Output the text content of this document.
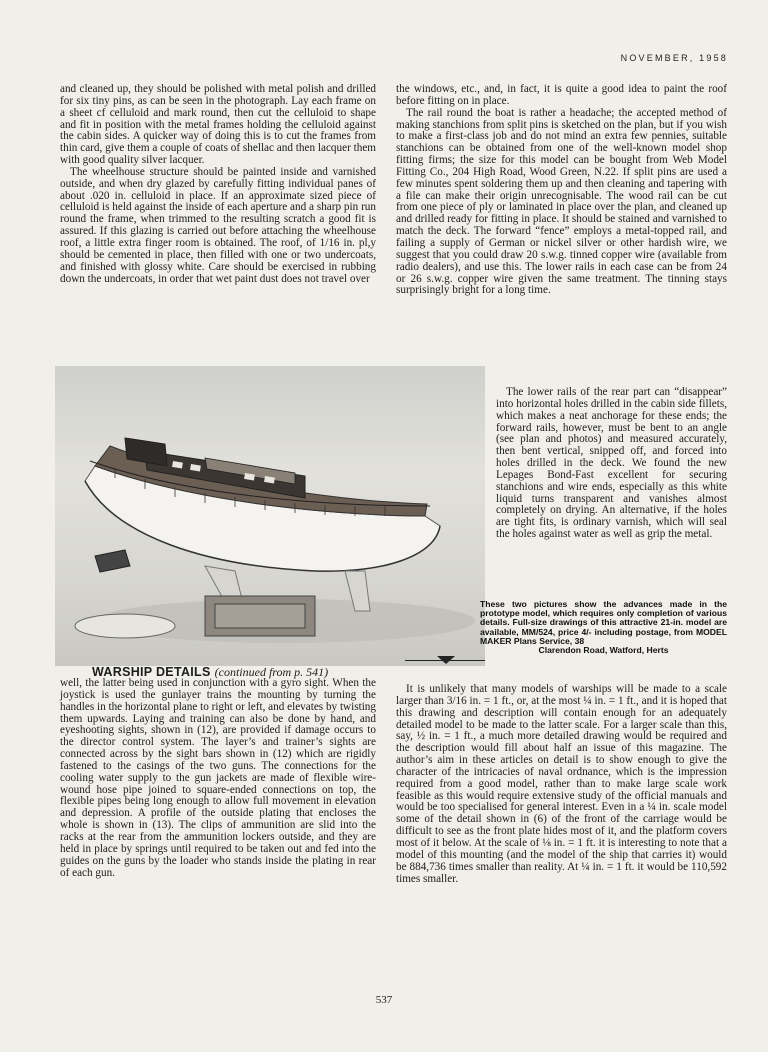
NOVEMBER, 1958

and cleaned up, they should be polished with metal polish and drilled for six tiny pins, as can be seen in the photograph. Lay each frame on a sheet cf celluloid and mark round, then cut the celluloid to shape and fit in position with the metal frames holding the celluloid against the cabin sides. A quicker way of doing this is to cut the frames from thin card, give them a couple of coats of shellac and then lacquer them with good quality silver lacquer.

The wheelhouse structure should be painted inside and varnished outside, and when dry glazed by carefully fitting individual panes of about .020 in. celluloid in place. If an approximate sized piece of celluloid is held against the inside of each aperture and a sharp pin run round the frame, when trimmed to the resulting scratch a good fit is assured. If this glazing is carried out before attaching the wheelhouse roof, a little extra finger room is obtained. The roof, of 1/16 in. pl,y should be cemented in place, then filled with one or two undercoats, and finished with glossy white. Care should be exercised in rubbing down the undercoats, in order that wet paint dust does not travel over

the windows, etc., and, in fact, it is quite a good idea to paint the roof before fitting on in place.

The rail round the boat is rather a headache; the accepted method of making stanchions from split pins is sketched on the plan, but if you wish to make a first-class job and do not mind an extra few pennies, suitable stanchions can be obtained from one of the well-known model shop fitting firms; the size for this model can be bought from Web Model Fitting Co., 204 High Road, Wood Green, N.22. If split pins are used a few minutes spent soldering them up and then cleaning and tapering with a file can make their origin unrecognisable. The wood rail can be cut from one piece of ply or laminated in place over the plan, and cleaned up and drilled ready for fitting in place. It should be stained and varnished to match the deck. The forward “fence” employs a metal-topped rail, and failing a supply of German or nickel silver or other hardish wire, we suggest that you could draw 20 s.w.g. tinned copper wire (available from radio dealers), and use this. The lower rails in each case can be from 24 or 26 s.w.g. copper wire given the same treatment. The tinning stays surprisingly bright for a long time.

The lower rails of the rear part can “disappear” into horizontal holes drilled in the cabin side fillets, which makes a neat anchorage for these ends; the forward rails, however, must be bent to an angle (see plan and photos) and measured accurately, then bent vertical, snipped off, and forced into holes drilled in the deck. We found the new Lepages Bond-Fast excellent for securing stanchions and wire ends, especially as this white liquid turns transparent and vanishes almost completely on drying. An alternative, if the holes are tight fits, is ordinary varnish, which will seal the holes against water as well as grip the metal.

These two pictures show the advances made in the prototype model, which requires only completion of various details. Full-size drawings of this attractive 21-in. model are available, MM/524, price 4/- including postage, from MODEL MAKER Plans Service, 38
Clarendon Road, Watford, Herts
WARSHIP DETAILS (continued from p. 541)

well, the latter being used in conjunction with a gyro sight. When the joystick is used the gunlayer trains the mounting by turning the handles in the horizontal plane to right or left, and elevates by twisting them upwards. Laying and training can also be done by hand, and eyeshooting sights, shown in (12), are provided if damage occurs to the director control system. The layer’s and trainer’s sights are connected across by the sight bars shown in (12) which are rigidly fastened to the casings of the two guns. The connections for the cooling water supply to the gun jackets are made of flexible wire-wound hose pipe joined to square-ended connections on top, the flexible pipes being long enough to allow full movement in elevation and depression. A profile of the outside plating that encloses the whole is shown in (13). The clips of ammunition are slid into the racks at the rear from the ammunition lockers outside, and they are held in place by springs until required to be taken out and fed into the guides on the guns by the loader who stands inside the plating in rear of each gun.

It is unlikely that many models of warships will be made to a scale larger than 3/16 in. = 1 ft., or, at the most ¼ in. = 1 ft., and it is hoped that this drawing and description will contain enough for an adequately detailed model to be made to the latter scale. For a larger scale than this, say, ½ in. = 1 ft., a much more detailed drawing would be required and the description would fill about half an issue of this magazine. The author’s aim in these articles on detail is to show enough to give the character of the intricacies of naval ordnance, which is the impression required from a good model, rather than to make large scale work feasible as this would require extensive study of the official manuals and would be too specialised for general interest. Even in a ¼ in. scale model some of the detail shown in (6) of the front of the carriage would be difficult to see as the front plate hides most of it, and the platform covers most of it below. At the scale of ⅛ in. = 1 ft. it is interesting to note that a model of this mounting (and the model of the ship that carries it) would be 884,736 times smaller than reality. At ¼ in. = 1 ft. it would be 110,592 times smaller.

537
